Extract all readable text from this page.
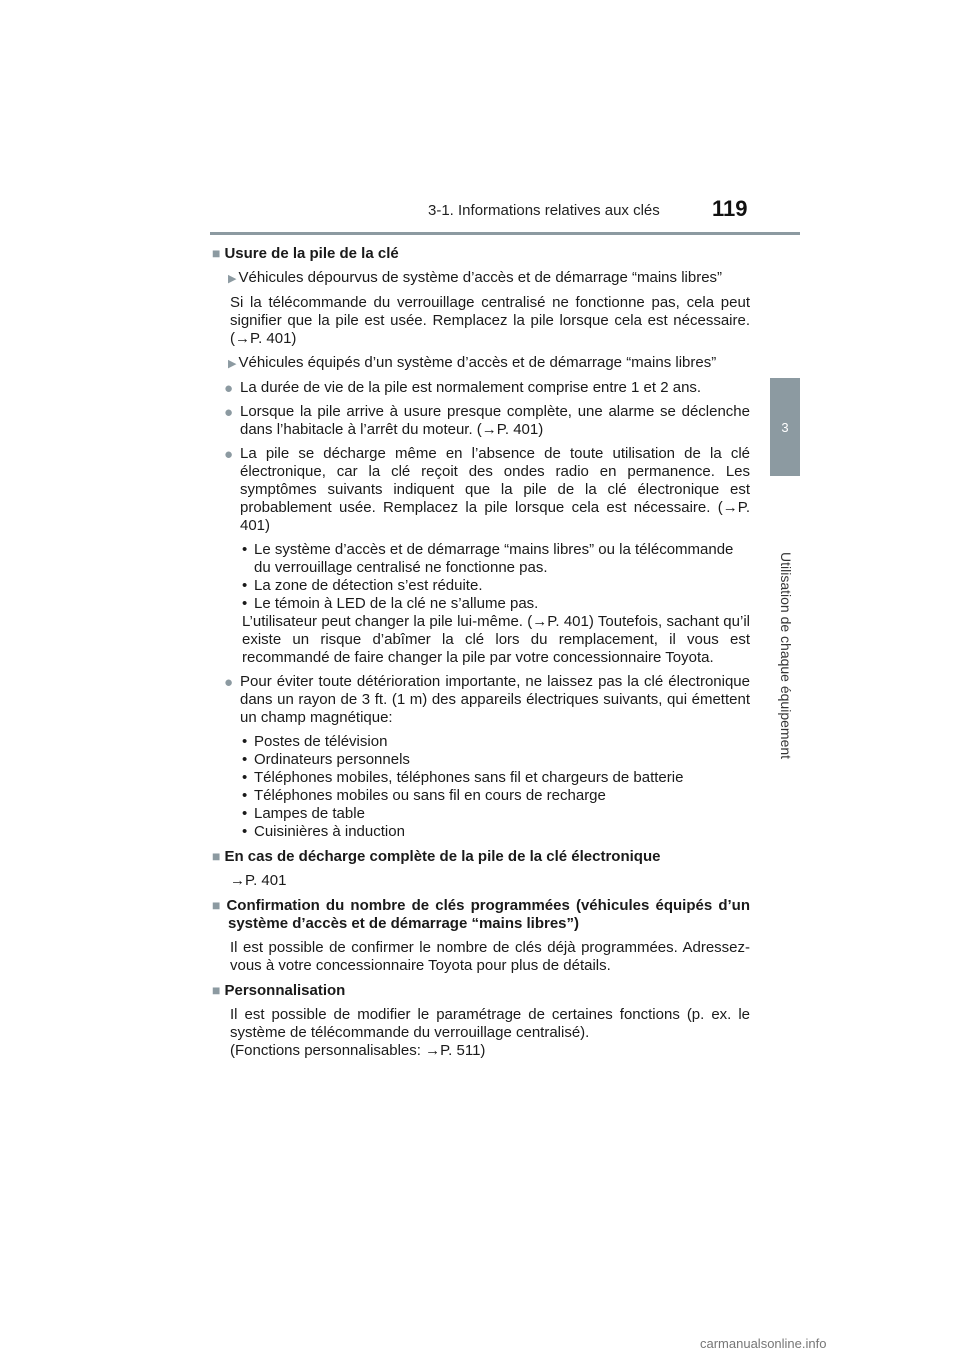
3-1. Informations relatives aux clés 119
3
Utilisation de chaque équipement
■ Usure de la pile de la clé
▶ Véhicules dépourvus de système d’accès et de démarrage “mains libres”
Si la télécommande du verrouillage centralisé ne fonctionne pas, cela peut signifier que la pile est usée. Remplacez la pile lorsque cela est nécessaire. (→P. 401)
▶ Véhicules équipés d’un système d’accès et de démarrage “mains libres”
● La durée de vie de la pile est normalement comprise entre 1 et 2 ans.
● Lorsque la pile arrive à usure presque complète, une alarme se déclenche dans l’habitacle à l’arrêt du moteur. (→P. 401)
● La pile se décharge même en l’absence de toute utilisation de la clé électronique, car la clé reçoit des ondes radio en permanence. Les symptômes suivants indiquent que la pile de la clé électronique est probablement usée. Remplacez la pile lorsque cela est nécessaire. (→P. 401)
• Le système d’accès et de démarrage “mains libres” ou la télécommande du verrouillage centralisé ne fonctionne pas.
• La zone de détection s’est réduite.
• Le témoin à LED de la clé ne s’allume pas.
L’utilisateur peut changer la pile lui-même. (→P. 401) Toutefois, sachant qu’il existe un risque d’abîmer la clé lors du remplacement, il vous est recommandé de faire changer la pile par votre concessionnaire Toyota.
● Pour éviter toute détérioration importante, ne laissez pas la clé électronique dans un rayon de 3 ft. (1 m) des appareils électriques suivants, qui émettent un champ magnétique:
• Postes de télévision
• Ordinateurs personnels
• Téléphones mobiles, téléphones sans fil et chargeurs de batterie
• Téléphones mobiles ou sans fil en cours de recharge
• Lampes de table
• Cuisinières à induction
■ En cas de décharge complète de la pile de la clé électronique
→P. 401
■ Confirmation du nombre de clés programmées (véhicules équipés d’un système d’accès et de démarrage “mains libres”)
Il est possible de confirmer le nombre de clés déjà programmées. Adressez-vous à votre concessionnaire Toyota pour plus de détails.
■ Personnalisation
Il est possible de modifier le paramétrage de certaines fonctions (p. ex. le système de télécommande du verrouillage centralisé).
(Fonctions personnalisables: →P. 511)
carmanualsonline.info
